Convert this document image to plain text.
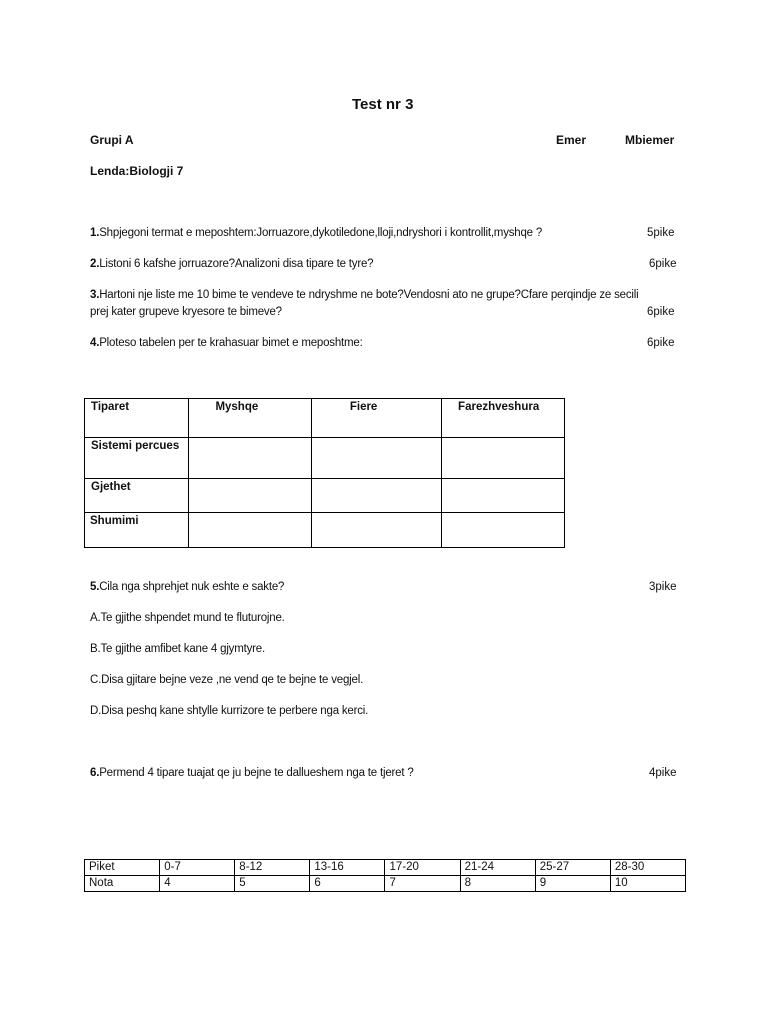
Test nr 3
Grupi A	Emer	Mbiemer
Lenda:Biologji 7
1.Shpjegoni termat e meposhtem:Jorruazore,dykotiledone,lloji,ndryshori i kontrollit,myshqe ?	5pike
2.Listoni 6 kafshe jorruazore?Analizoni disa tipare te tyre?	6pike
3.Hartoni nje liste me 10 bime te vendeve te ndryshme ne bote?Vendosni ato ne grupe?Cfare perqindje ze secili
prej kater grupeve kryesore te bimeve?	6pike
4.Ploteso tabelen per te krahasuar bimet e meposhtme:	6pike
Tiparet	Myshqe	Fiere	Farezhveshura
Sistemi percues			
Gjethet			
Shumimi			
5.Cila nga shprehjet nuk eshte e sakte?	3pike
A.Te gjithe shpendet mund te fluturojne.
B.Te gjithe amfibet kane 4 gjymtyre.
C.Disa gjitare bejne veze ,ne vend qe te bejne te vegjel.
D.Disa peshq kane shtylle kurrizore te perbere nga kerci.
6.Permend 4 tipare tuajat qe ju bejne te dallueshem nga te tjeret ?	4pike
Piket	0-7	8-12	13-16	17-20	21-24	25-27	28-30
Nota	4	5	6	7	8	9	10
